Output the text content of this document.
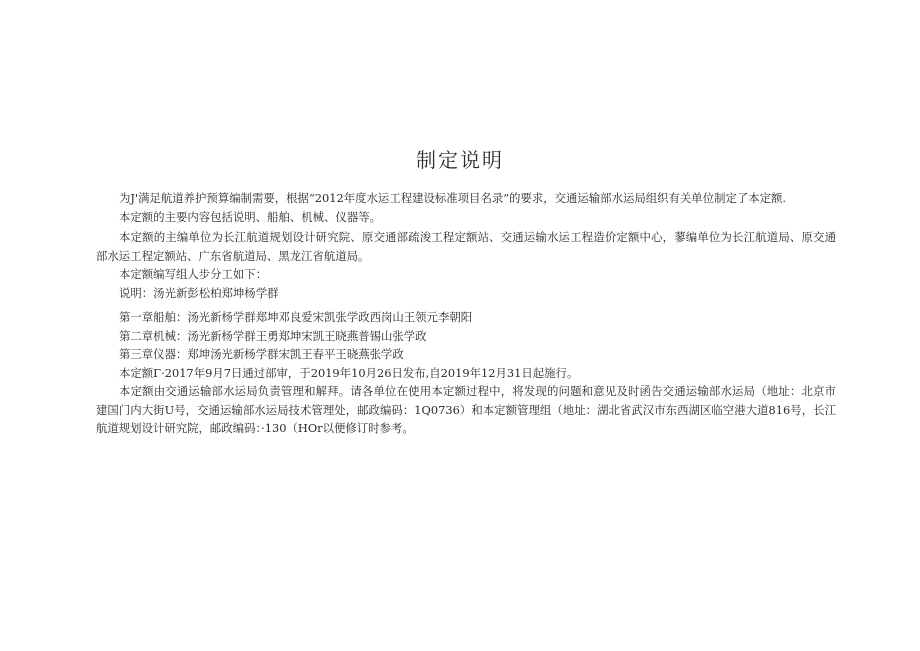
制定说明

为J'满足航道养护预算编制需要，根据“2012年度水运工程建设标准项目名录”的要求，交通运输部水运局组织有关单位制定了本定额.

本定额的主要内容包括说明、船舶、机械、仪器等。

本定额的主编单位为长江航道规划设计研究院、原交通部疏浚工程定额站、交通运输水运工程造价定额中心，蓼编单位为长江航道局、原交通部水运工程定额站、广东省航道局、黑龙江省航道局。

本定额编写组人步分工如下：

说明：汤光新彭松柏郑坤杨学群

第一章船舶：汤光新杨学群郑坤邓良爱宋凯张学政西岗山王领元李朝阳

第二章机械：汤光新杨学群王勇郑坤宋凯王晓燕普锡山张学政

第三章仪器：郑坤汤光新杨学群宋凯王春平王晓燕张学政

本定额Γ·2017年9月7日通过部审，于2019年10月26日发布,自2019年12月31日起施行。

本定额由交通运输部水运局负责管理和解拜。请各单位在使用本定额过程中，将发现的问题和意见及时函告交通运输部水运局（地址：北京市建国门内大街U号，交通运输部水运局技术管理处，邮政编码：1Q0736）和本定额管理组（地址：湖北省武汉市东西湖区临空港大道816号，长江航道规划设计研究院，邮政编码：·130（HOr以便修订时参考。
